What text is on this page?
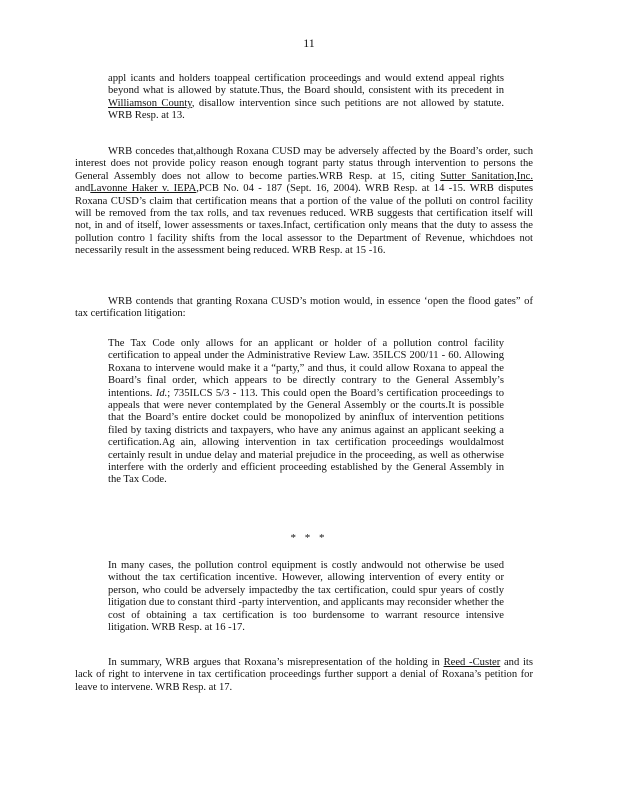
11

appl icants and holders toappeal certification proceedings and would extend appeal rights beyond what is allowed by statute.Thus, the Board should, consistent with its precedent in Williamson County, disallow intervention since such petitions are not allowed by statute. WRB Resp. at 13.

WRB concedes that,although Roxana CUSD may be adversely affected by the Board’s order, such interest does not provide policy reason enough togrant party status through intervention to persons the General Assembly does not allow to become parties.WRB Resp. at 15, citing Sutter Sanitation,Inc. andLavonne Haker v. IEPA,PCB No. 04 - 187 (Sept. 16, 2004). WRB Resp. at 14 -15. WRB disputes Roxana CUSD’s claim that certification means that a portion of the value of the polluti on control facility will be removed from the tax rolls, and tax revenues reduced. WRB suggests that certification itself will not, in and of itself, lower assessments or taxes.Infact, certification only means that the duty to assess the pollution contro l facility shifts from the local assessor to the Department of Revenue, whichdoes not necessarily result in the assessment being reduced. WRB Resp. at 15 -16.

WRB contends that granting Roxana CUSD’s motion would, in essence ‘open the flood gates” of tax certification litigation:

The Tax Code only allows for an applicant or holder of a pollution control facility certification to appeal under the Administrative Review Law. 35ILCS 200/11 - 60. Allowing Roxana to intervene would make it a “party,” and thus, it could allow Roxana to appeal the Board’s final order, which appears to be directly contrary to the General Assembly’s intentions. Id.; 735ILCS 5/3 - 113. This could open the Board’s certification proceedings to appeals that were never contemplated by the General Assembly or the courts.It is possible that the Board’s entire docket could be monopolized by aninflux of intervention petitions filed by taxing districts and taxpayers, who have any animus against an applicant seeking a certification.Ag ain, allowing intervention in tax certification proceedings wouldalmost certainly result in undue delay and material prejudice in the proceeding, as well as otherwise interfere with the orderly and efficient proceeding established by the General Assembly in the Tax Code.

* * *

In many cases, the pollution control equipment is costly andwould not otherwise be used without the tax certification incentive. However, allowing intervention of every entity or person, who could be adversely impactedby the tax certification, could spur years of costly litigation due to constant third -party intervention, and applicants may reconsider whether the cost of obtaining a tax certification is too burdensome to warrant resource intensive litigation. WRB Resp. at 16 -17.

In summary, WRB argues that Roxana’s misrepresentation of the holding in Reed -Custer and its lack of right to intervene in tax certification proceedings further support a denial of Roxana’s petition for leave to intervene. WRB Resp. at 17.
